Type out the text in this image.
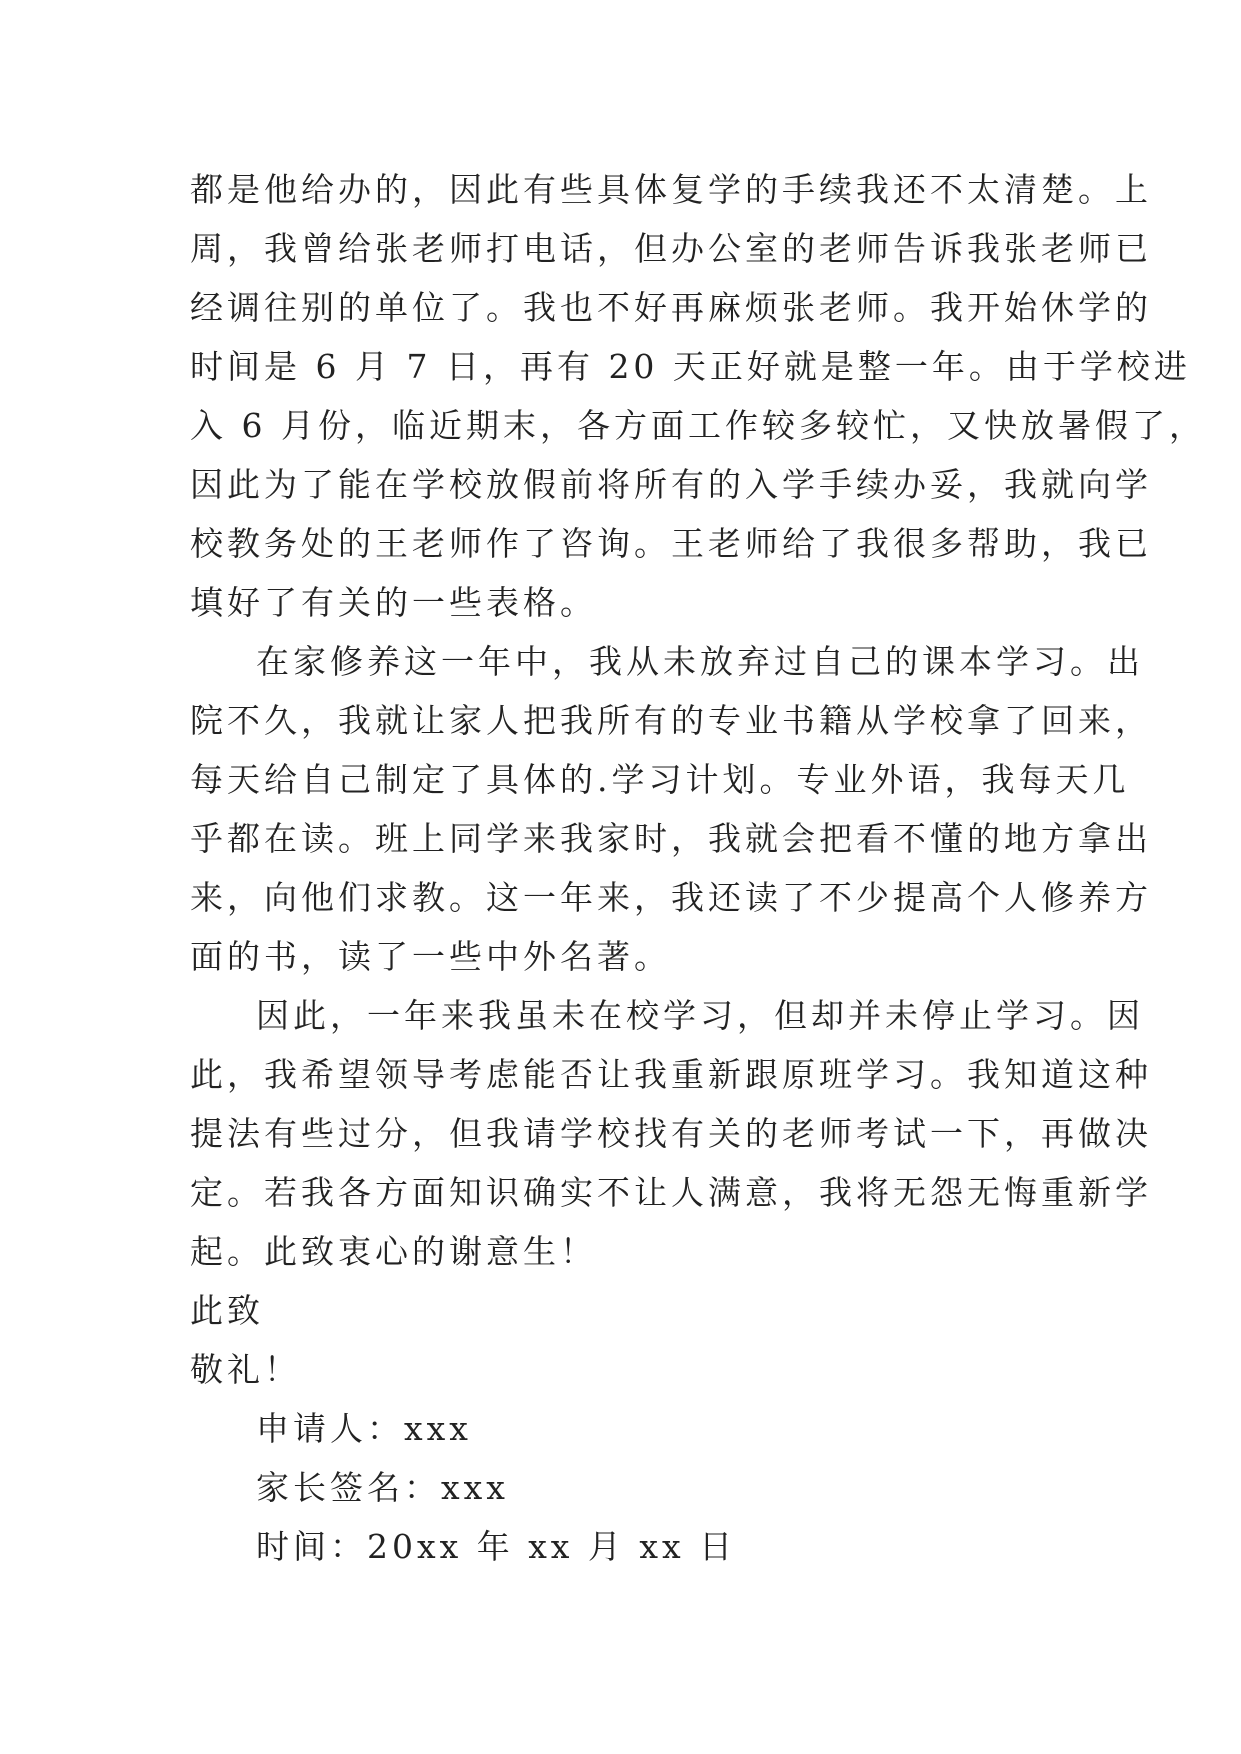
都是他给办的，因此有些具体复学的手续我还不太清楚。上
周，我曾给张老师打电话，但办公室的老师告诉我张老师已
经调往别的单位了。我也不好再麻烦张老师。我开始休学的
时间是 6 月 7 日，再有 20 天正好就是整一年。由于学校进
入 6 月份，临近期末，各方面工作较多较忙，又快放暑假了，
因此为了能在学校放假前将所有的入学手续办妥，我就向学
校教务处的王老师作了咨询。王老师给了我很多帮助，我已
填好了有关的一些表格。
在家修养这一年中，我从未放弃过自己的课本学习。出
院不久，我就让家人把我所有的专业书籍从学校拿了回来，
每天给自己制定了具体的.学习计划。专业外语，我每天几
乎都在读。班上同学来我家时，我就会把看不懂的地方拿出
来，向他们求教。这一年来，我还读了不少提高个人修养方
面的书，读了一些中外名著。
因此，一年来我虽未在校学习，但却并未停止学习。因
此，我希望领导考虑能否让我重新跟原班学习。我知道这种
提法有些过分，但我请学校找有关的老师考试一下，再做决
定。若我各方面知识确实不让人满意，我将无怨无悔重新学
起。此致衷心的谢意生！
此致
敬礼！
申请人：xxx
家长签名：xxx
时间：20xx 年 xx 月 xx 日
